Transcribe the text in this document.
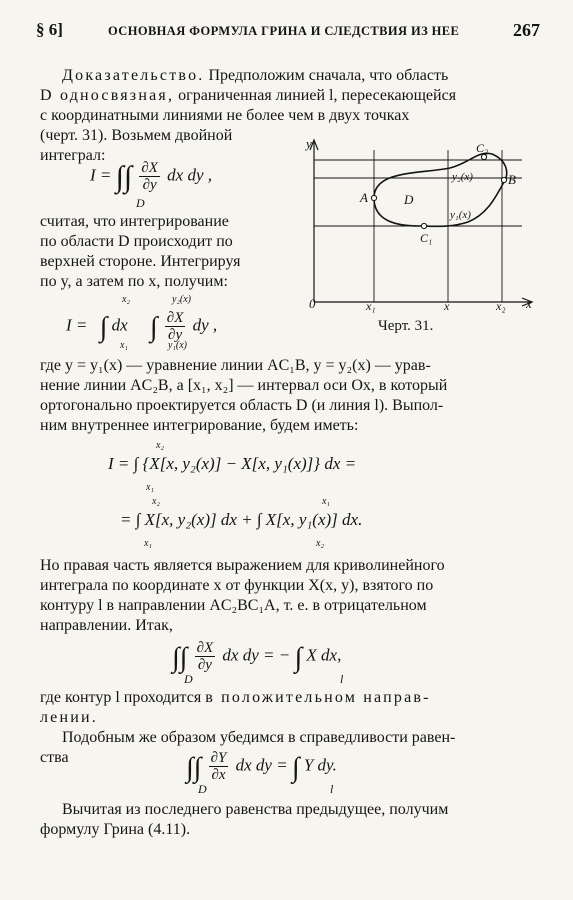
§ 6]	ОСНОВНАЯ ФОРМУЛА ГРИНА И СЛЕДСТВИЯ ИЗ НЕЕ	267
Доказательство. Предположим сначала, что область
D односвязная, ограниченная линией l, пересекающейся
с координатными линиями не более чем в двух точках
(черт. 31). Возьмем двойной
интеграл:
I = ∫∫ $\frac{\partial X}{\partial y}$ dx dy ,
D
считая, что интегрирование
по области D происходит по
верхней стороне. Интегрируя
по y, а затем по x, получим:
I = ∫ dx ∫ $\frac{\partial X}{\partial y}$ dy ,
x₂
x₁
y₂(x)
y₁(x)
y
x
0	x₁	x	x₂
A
B
C₂
C₁
D
y₂(x)
y₁(x)
Черт. 31.
где y = y₁(x) — уравнение линии AC₁B, y = y₂(x) — урав-
нение линии AC₂B, а [x₁, x₂] — интервал оси Ox, в который
ортогонально проектируется область D (и линия l). Выпол-
ним внутреннее интегрирование, будем иметь:
I = ∫ {X[x, y₂(x)] − X[x, y₁(x)]} dx =
x₂
x₁
= ∫ X[x, y₂(x)] dx + ∫ X[x, y₁(x)] dx.
x₂
x₁
x₁
x₂
Но правая часть является выражением для криволинейного
интеграла по координате x от функции X(x, y), взятого по
контуру l в направлении AC₂BC₁A, т. е. в отрицательном
направлении. Итак,
∫∫ $\frac{\partial X}{\partial y}$ dx dy = − ∫ X dx,
D	l
где контур l проходится в положительном направ-
лении.
Подобным же образом убедимся в справедливости равен-
ства	∫∫ $\frac{\partial Y}{\partial x}$ dx dy = ∫ Y dy.
D	l
Вычитая из последнего равенства предыдущее, получим
формулу Грина (4.11).
